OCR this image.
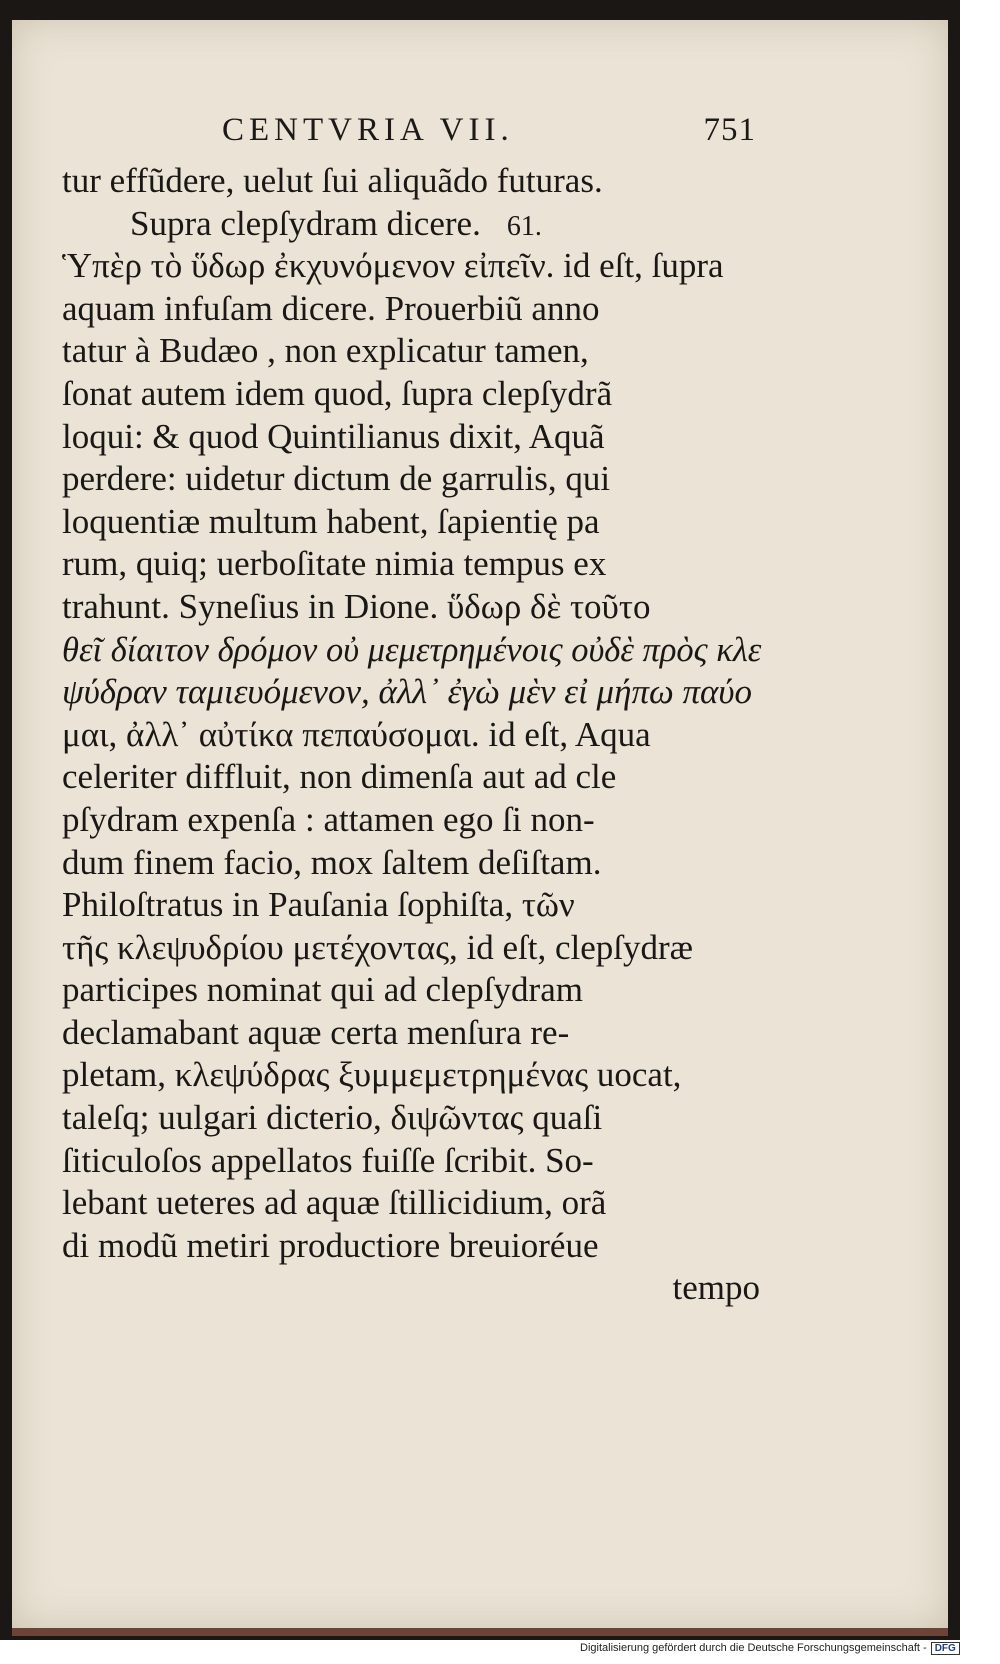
CENTVRIA VII.	751
tur effũdere, uelut ſui aliquãdo futuras.
Supra clepſydram dicere. 61.
Ὑπὲρ τὸ ὕδωρ ἐκχυνόμενον εἰπεῖν. id eſt, ſupra
aquam infuſam dicere. Prouerbiũ anno
tatur à Budæo , non explicatur tamen,
ſonat autem idem quod, ſupra clepſydrã
loqui: & quod Quintilianus dixit, Aquã
perdere: uidetur dictum de garrulis, qui
loquentiæ multum habent, ſapientię pa
rum, quiq; uerboſitate nimia tempus ex
trahunt. Syneſius in Dione. ὕδωρ δὲ τοῦτο
θεῖ δίαιτον δρόμον οὐ μεμετρημένοις οὐδὲ πρὸς κλε
ψύδραν ταμιευόμενον, ἀλλ᾽ ἐγὼ μὲν εἰ μήπω παύο
μαι, ἀλλ᾽ αὐτίκα πεπαύσομαι. id eſt, Aqua
celeriter diffluit, non dimenſa aut ad cle
pſydram expenſa : attamen ego ſi non-
dum finem facio, mox ſaltem deſiſtam.
Philoſtratus in Pauſania ſophiſta, τῶν
τῆς κλεψυδρίου μετέχοντας, id eſt, clepſydræ
participes nominat qui ad clepſydram
declamabant aquæ certa menſura re-
pletam, κλεψύδρας ξυμμεμετρημένας uocat,
taleſq; uulgari dicterio, διψῶντας quaſi
ſiticuloſos appellatos fuiſſe ſcribit. So-
lebant ueteres ad aquæ ſtillicidium, orã
di modũ metiri productiore breuioréue
tempo
Digitalisierung gefördert durch die Deutsche Forschungsgemeinschaft - DFG
